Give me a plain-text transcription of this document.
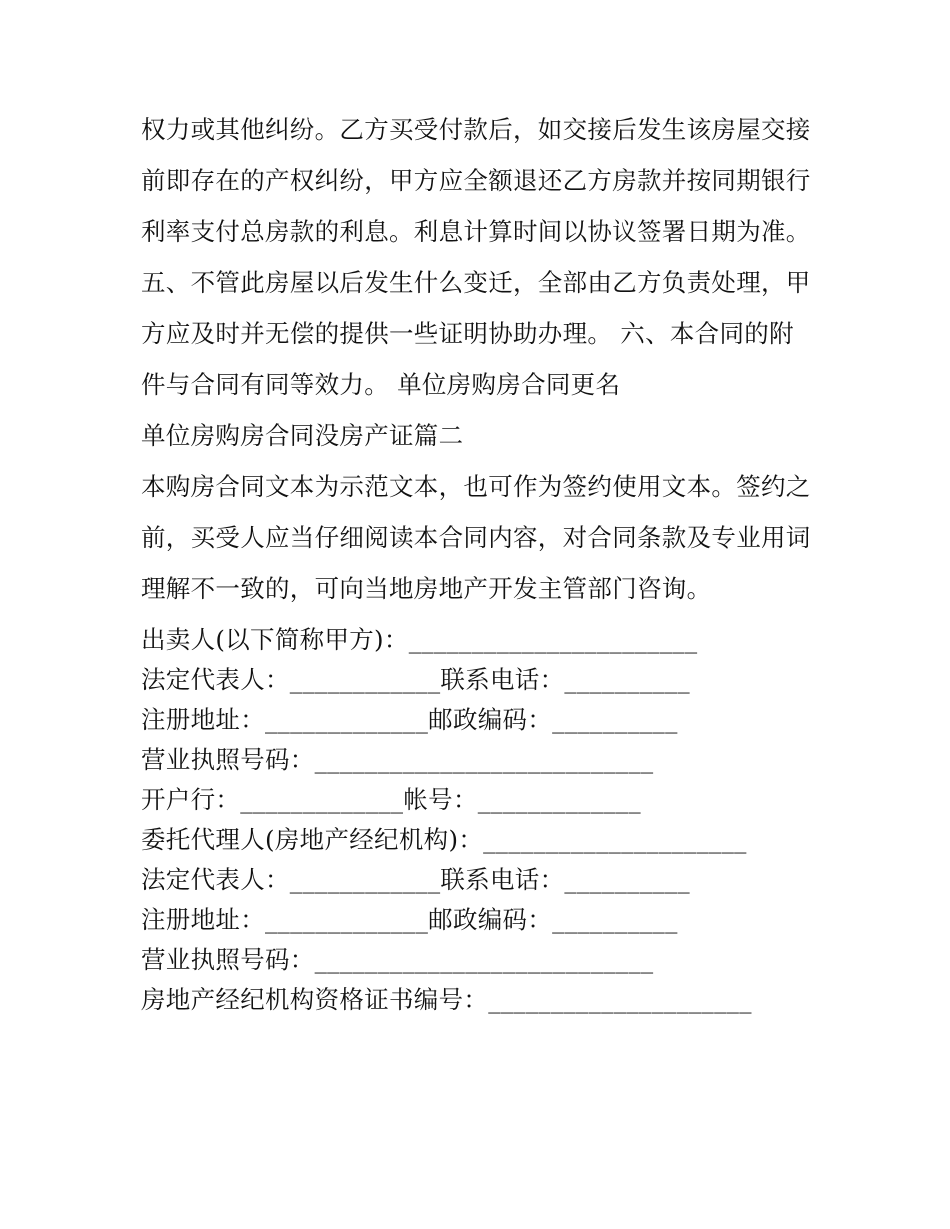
权力或其他纠纷。乙方买受付款后，如交接后发生该房屋交接

前即存在的产权纠纷，甲方应全额退还乙方房款并按同期银行

利率支付总房款的利息。利息计算时间以协议签署日期为准。

五、不管此房屋以后发生什么变迁，全部由乙方负责处理，甲

方应及时并无偿的提供一些证明协助办理。 六、本合同的附

件与合同有同等效力。 单位房购房合同更名

单位房购房合同没房产证篇二

本购房合同文本为示范文本，也可作为签约使用文本。签约之

前，买受人应当仔细阅读本合同内容，对合同条款及专业用词

理解不一致的，可向当地房地产开发主管部门咨询。

出卖人(以下简称甲方)：_______________________

法定代表人：____________联系电话：__________

注册地址：_____________邮政编码：__________

营业执照号码：___________________________

开户行：_____________帐号：_____________

委托代理人(房地产经纪机构)：_____________________

法定代表人：____________联系电话：__________

注册地址：_____________邮政编码：__________

营业执照号码：___________________________

房地产经纪机构资格证书编号：_____________________
